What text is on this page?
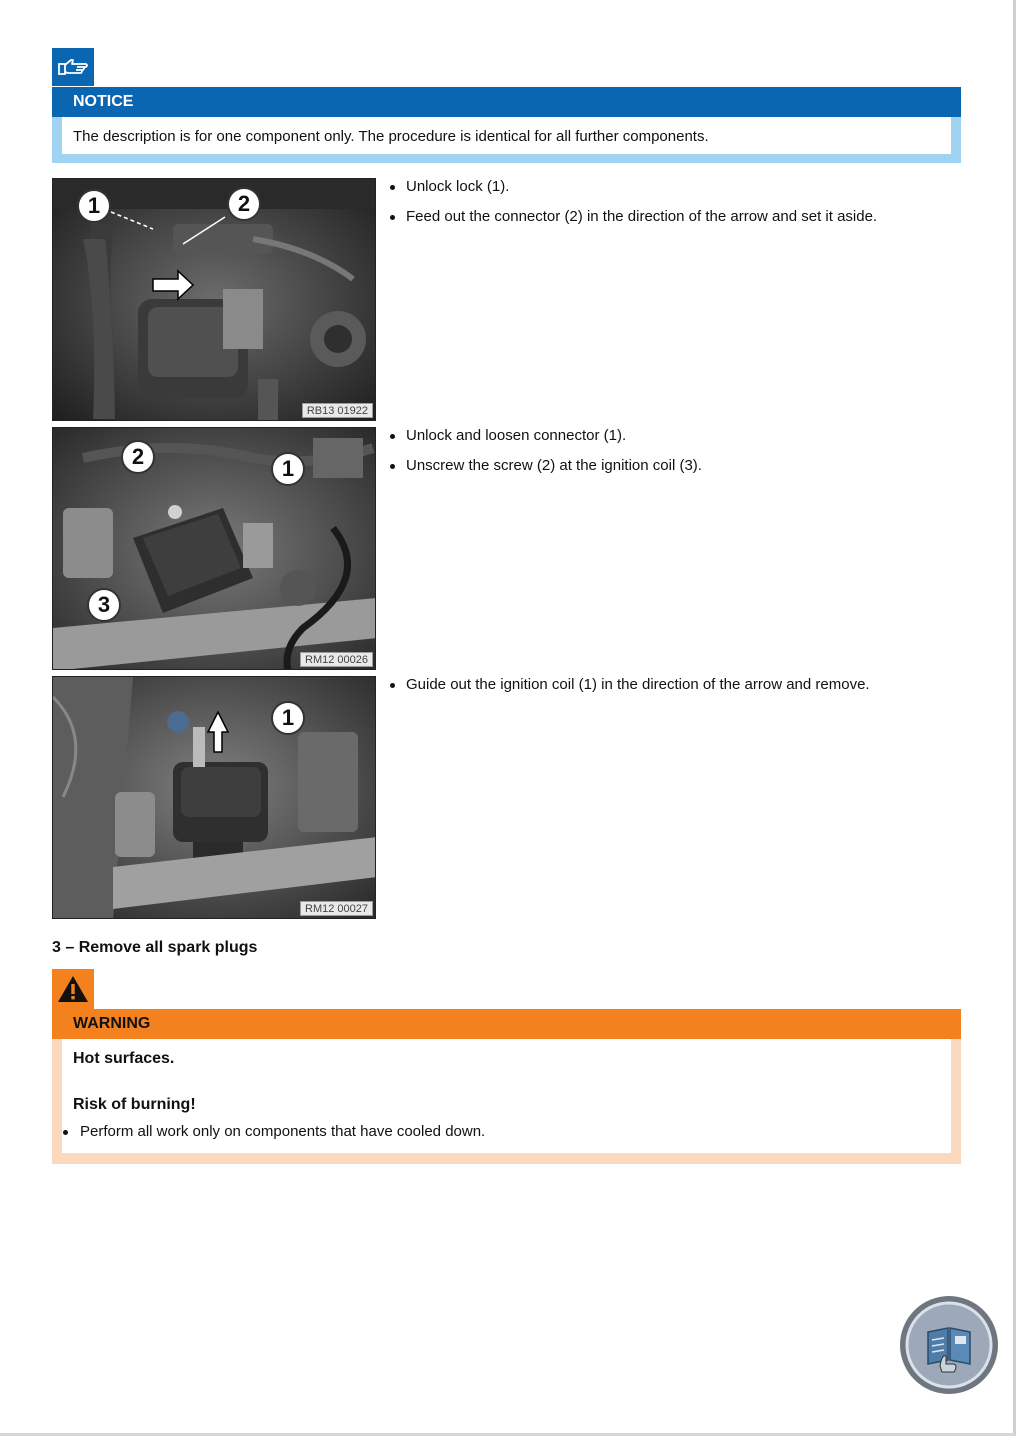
NOTICE
The description is for one component only. The procedure is identical for all further components.
1	2
RB13 01922
Unlock lock (1).
Feed out the connector (2) in the direction of the arrow and set it aside.
2	1
3
RM12 00026
Unlock and loosen connector (1).
Unscrew the screw (2) at the ignition coil (3).
1
RM12 00027
Guide out the ignition coil (1) in the direction of the arrow and remove.
3 – Remove all spark plugs
WARNING
Hot surfaces.
Risk of burning!
Perform all work only on components that have cooled down.
